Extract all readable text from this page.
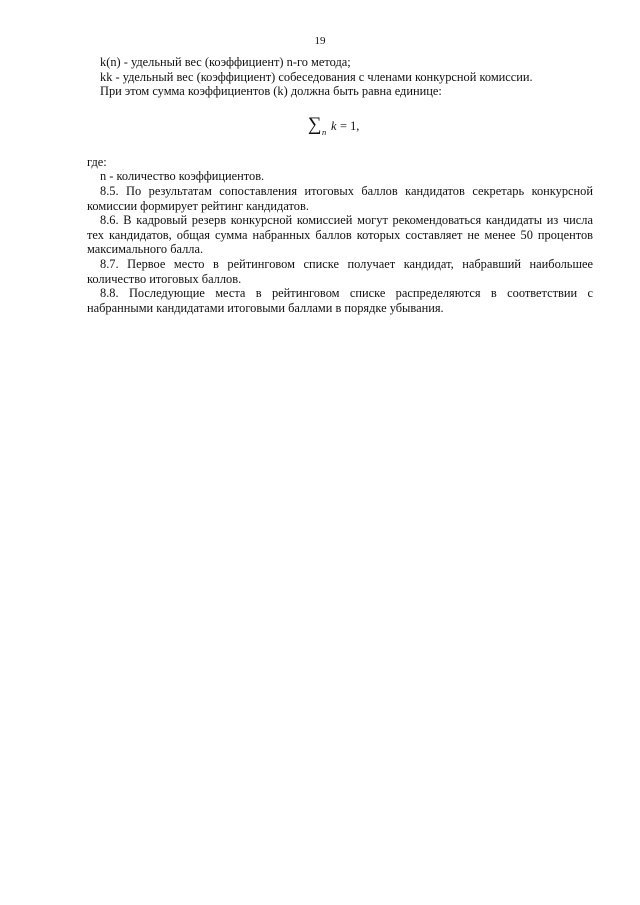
19

k(n) - удельный вес (коэффициент) n-го метода;

kk - удельный вес (коэффициент) собеседования с членами конкурсной комиссии.

При этом сумма коэффициентов (k) должна быть равна единице:

∑ n k = 1,

где:

n - количество коэффициентов.

8.5. По результатам сопоставления итоговых баллов кандидатов секретарь конкурсной комиссии формирует рейтинг кандидатов.

8.6. В кадровый резерв конкурсной комиссией могут рекомендоваться кандидаты из числа тех кандидатов, общая сумма набранных баллов которых составляет не менее 50 процентов максимального балла.

8.7. Первое место в рейтинговом списке получает кандидат, набравший наибольшее количество итоговых баллов.

8.8. Последующие места в рейтинговом списке распределяются в соответствии с набранными кандидатами итоговыми баллами в порядке убывания.
